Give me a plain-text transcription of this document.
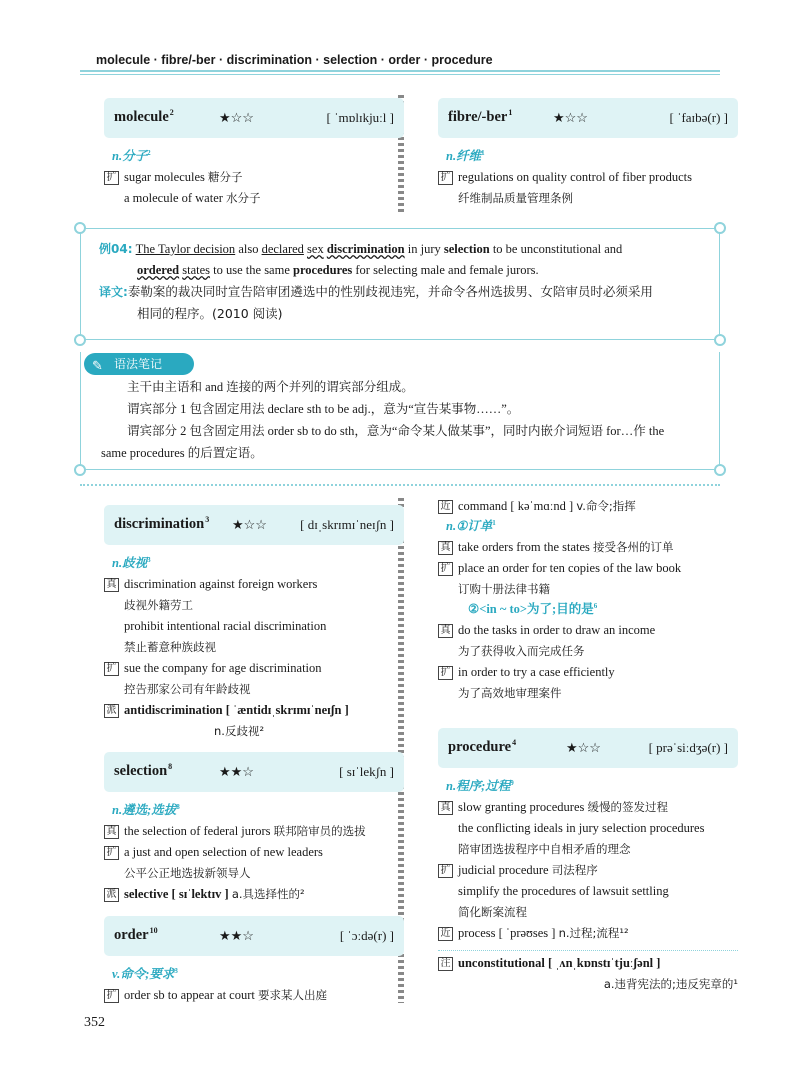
molecule · fibre/-ber · discrimination · selection · order · procedure
molecule$^2$	★☆☆	[ ˈmɒlɪkjuːl ]
n.分子$^2$
扩 sugar molecules 糖分子
a molecule of water 水分子
fibre/-ber$^1$	★☆☆	[ ˈfaɪbə(r) ]
n.纤维$^1$
扩 regulations on quality control of fiber products
纤维制品质量管理条例

例04: The Taylor decision also declared sex discrimination in jury selection to be unconstitutional and

ordered states to use the same procedures for selecting male and female jurors.

译文:泰勒案的裁决同时宣告陪审团遴选中的性别歧视违宪，并命令各州选拔男、女陪审员时必须采用

相同的程序。(2010 阅读)

主干由主语和 and 连接的两个并列的谓宾部分组成。

谓宾部分 1 包含固定用法 declare sth to be adj.，意为“宣告某事物……”。

谓宾部分 2 包含固定用法 order sb to do sth，意为“命令某人做某事”，同时内嵌介词短语 for…作 the

same procedures 的后置定语。

✎ 语法笔记
discrimination$^3$ ★☆☆	[ dɪˌskrɪmɪˈneɪʃn ]
n.歧视$^3$
真 discrimination against foreign workers
歧视外籍劳工
prohibit intentional racial discrimination
禁止蓄意种族歧视
扩 sue the company for age discrimination
控告那家公司有年龄歧视
派 antidiscrimination [ ˈæntidɪˌskrɪmɪˈneɪʃn ]
n.反歧视²
selection$^8$	★★☆	[ sɪˈlekʃn ]
n.遴选;选拔$^8$
真 the selection of federal jurors 联邦陪审员的选拔
扩 a just and open selection of new leaders
公平公正地选拔新领导人
派 selective [ sɪˈlektɪv ] a.具选择性的²
order$^{10}$	★★☆	[ ˈɔːdə(r) ]
v.命令;要求$^3$
扩 order sb to appear at court 要求某人出庭
近 command [ kəˈmɑːnd ] v.命令;指挥
n.①订单$^1$
真 take orders from the states 接受各州的订单
扩 place an order for ten copies of the law book
订购十册法律书籍
②<in ~ to>为了;目的是$^6$
真 do the tasks in order to draw an income
为了获得收入而完成任务
扩 in order to try a case efficiently
为了高效地审理案件
procedure$^4$	★☆☆	[ prəˈsiːdʒə(r) ]
n.程序;过程$^9$
真 slow granting procedures 缓慢的签发过程
the conflicting ideals in jury selection procedures
陪审团选拔程序中自相矛盾的理念
扩 judicial procedure 司法程序
simplify the procedures of lawsuit settling
简化断案流程
近 process [ ˈprəʊses ] n.过程;流程¹²
注 unconstitutional [ ˌʌnˌkɒnstɪˈtjuːʃənl ]
a.违背宪法的;违反宪章的¹
352
